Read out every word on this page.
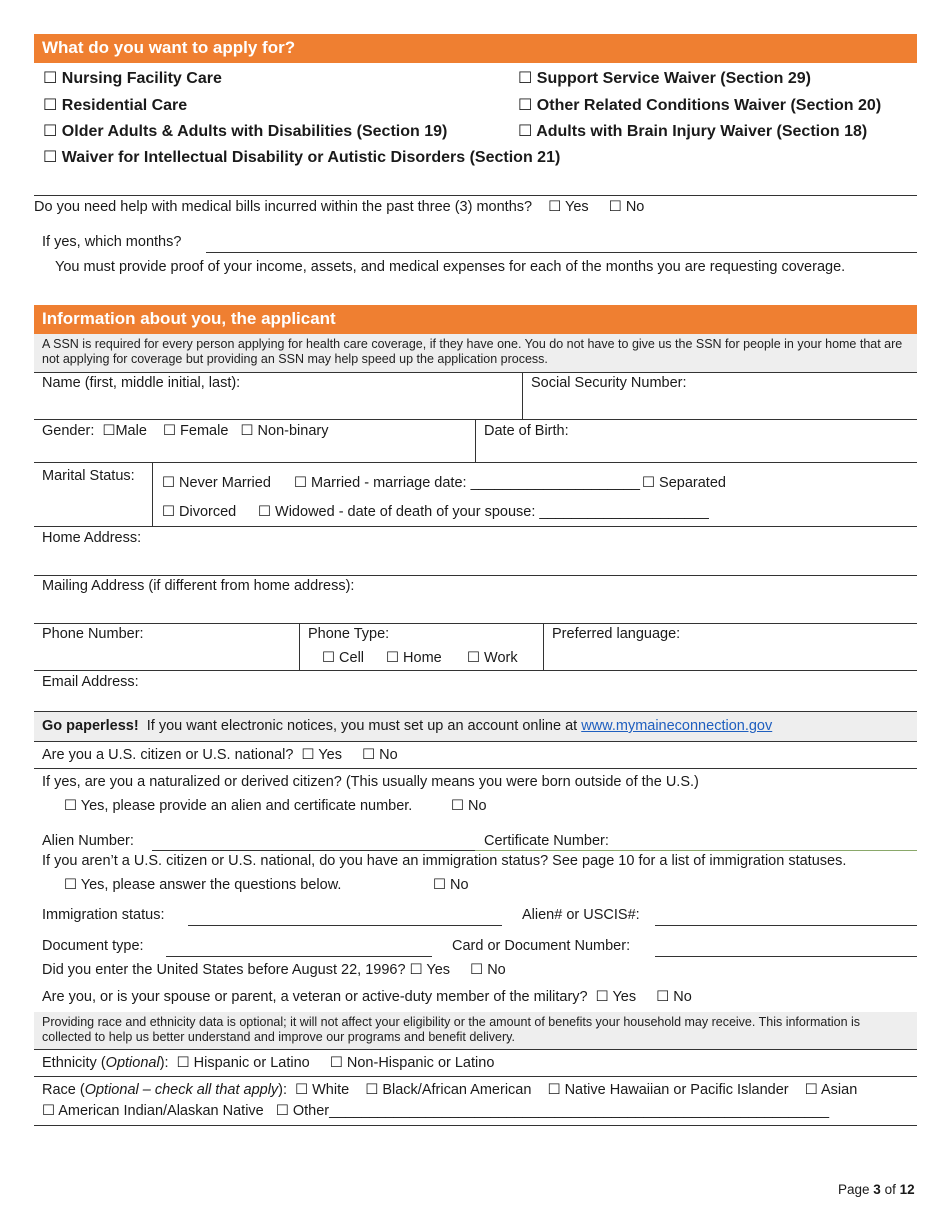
What do you want to apply for?
☐ Nursing Facility Care
☐ Residential Care
☐ Older Adults & Adults with Disabilities (Section 19)
☐ Waiver for Intellectual Disability or Autistic Disorders (Section 21)
☐ Support Service Waiver (Section 29)
☐ Other Related Conditions Waiver (Section 20)
☐ Adults with Brain Injury Waiver (Section 18)
Do you need help with medical bills incurred within the past three (3) months? ☐ Yes ☐ No
If yes, which months?
You must provide proof of your income, assets, and medical expenses for each of the months you are requesting coverage.
Information about you, the applicant
A SSN is required for every person applying for health care coverage, if they have one. You do not have to give us the SSN for people in your home that are not applying for coverage but providing an SSN may help speed up the application process.
Name (first, middle initial, last):	Social Security Number:
Gender: ☐Male ☐ Female ☐ Non-binary	Date of Birth:
Marital Status: ☐ Never Married ☐ Married - marriage date: _____________________ ☐ Separated
☐ Divorced ☐ Widowed - date of death of your spouse: _____________________
Home Address:
Mailing Address (if different from home address):
Phone Number:	Phone Type:
☐ Cell ☐ Home ☐ Work
Preferred language:
Email Address:
Go paperless! If you want electronic notices, you must set up an account online at www.mymaineconnection.gov
Are you a U.S. citizen or U.S. national? ☐ Yes ☐ No
If yes, are you a naturalized or derived citizen? (This usually means you were born outside of the U.S.)
☐ Yes, please provide an alien and certificate number.	☐ No
Alien Number:	Certificate Number:
If you aren’t a U.S. citizen or U.S. national, do you have an immigration status? See page 10 for a list of immigration statuses.
☐ Yes, please answer the questions below.	☐ No
Immigration status:	Alien# or USCIS#:
Document type:	Card or Document Number:
Did you enter the United States before August 22, 1996? ☐ Yes ☐ No
Are you, or is your spouse or parent, a veteran or active-duty member of the military? ☐ Yes ☐ No
Providing race and ethnicity data is optional; it will not affect your eligibility or the amount of benefits your household may receive. This information is collected to help us better understand and improve our programs and benefit delivery.
Ethnicity (Optional): ☐ Hispanic or Latino ☐ Non-Hispanic or Latino
Race (Optional – check all that apply): ☐ White ☐ Black/African American ☐ Native Hawaiian or Pacific Islander ☐ Asian
☐ American Indian/Alaskan Native ☐ Other______________________________________________________________
Page 3 of 12
